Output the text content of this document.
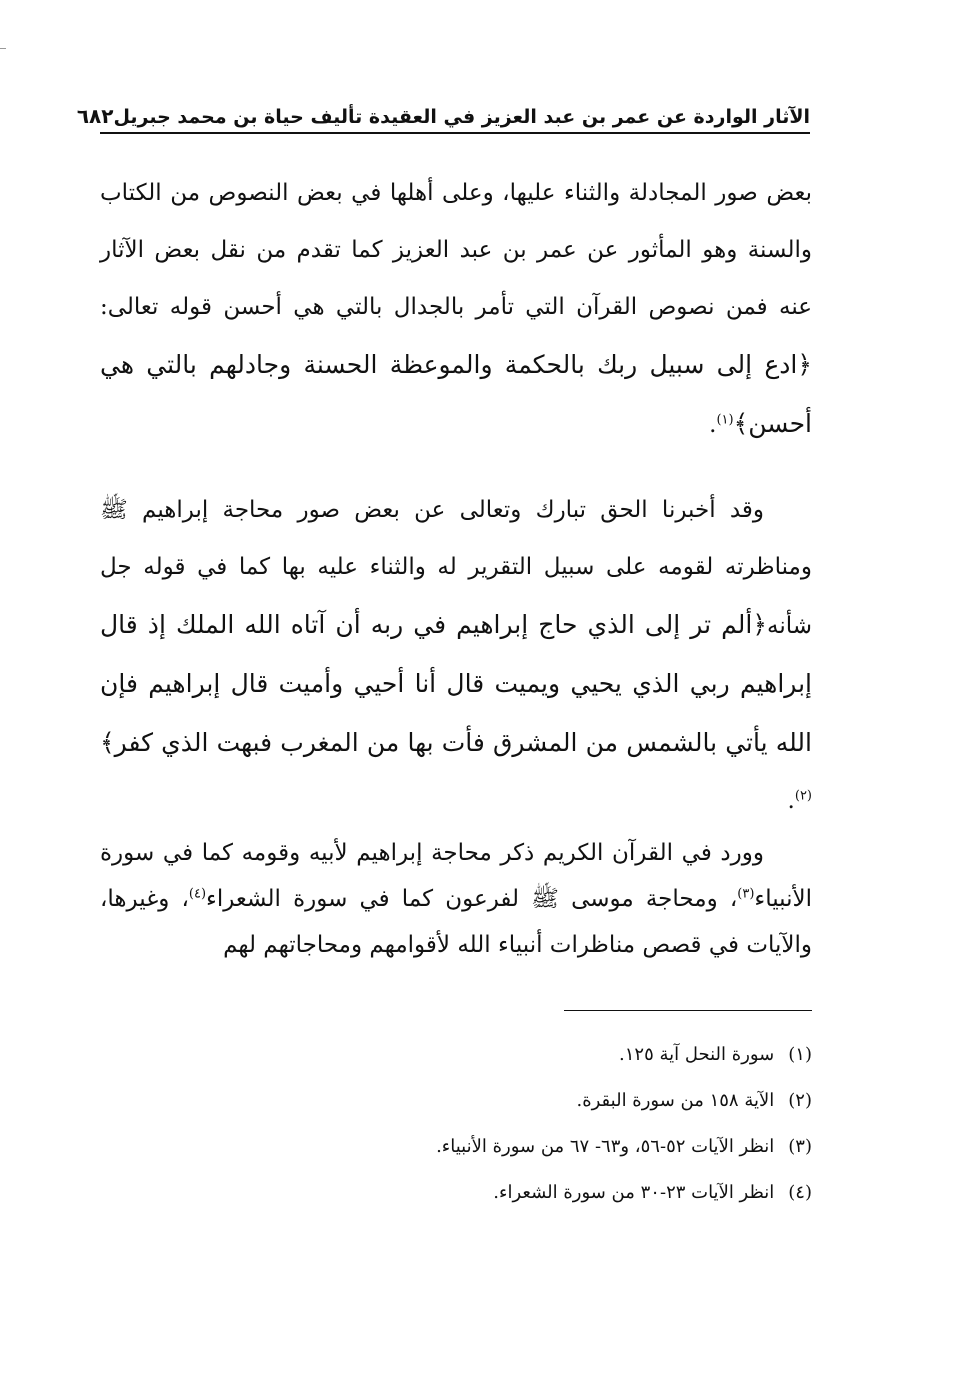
الآثار الواردة عن عمر بن عبد العزيز في العقيدة تأليف حياة بن محمد جبريل
٦٨٢

بعض صور المجادلة والثناء عليها، وعلى أهلها في بعض النصوص من الكتاب والسنة وهو المأثور عن عمر بن عبد العزيز كما تقدم من نقل بعض الآثار عنه فمن نصوص القرآن التي تأمر بالجدال بالتي هي أحسن قوله تعالى: ﴿ادع إلى سبيل ربك بالحكمة والموعظة الحسنة وجادلهم بالتي هي أحسن﴾$^{(١)}$.

وقد أخبرنا الحق تبارك وتعالى عن بعض صور محاجة إبراهيم ﷺ ومناظرته لقومه على سبيل التقرير له والثناء عليه بها كما في قوله جل شأنه﴿ألم تر إلى الذي حاج إبراهيم في ربه أن آتاه الله الملك إذ قال إبراهيم ربي الذي يحيي ويميت قال أنا أحيي وأميت قال إبراهيم فإن الله يأتي بالشمس من المشرق فأت بها من المغرب فبهت الذي كفر﴾$^{(٢)}$.

وورد في القرآن الكريم ذكر محاجة إبراهيم لأبيه وقومه كما في سورة الأنبياء$^{(٣)}$، ومحاجة موسى ﷺ لفرعون كما في سورة الشعراء$^{(٤)}$، وغيرها، والآيات في قصص مناظرات أنبياء الله لأقوامهم ومحاجاتهم لهم

(١)سورة النحل آية ١٢٥.
(٢)الآية ١٥٨ من سورة البقرة.
(٣)انظر الآيات ٥٢-٥٦، و٦٣- ٦٧ من سورة الأنبياء.
(٤)انظر الآيات ٢٣-٣٠ من سورة الشعراء.
